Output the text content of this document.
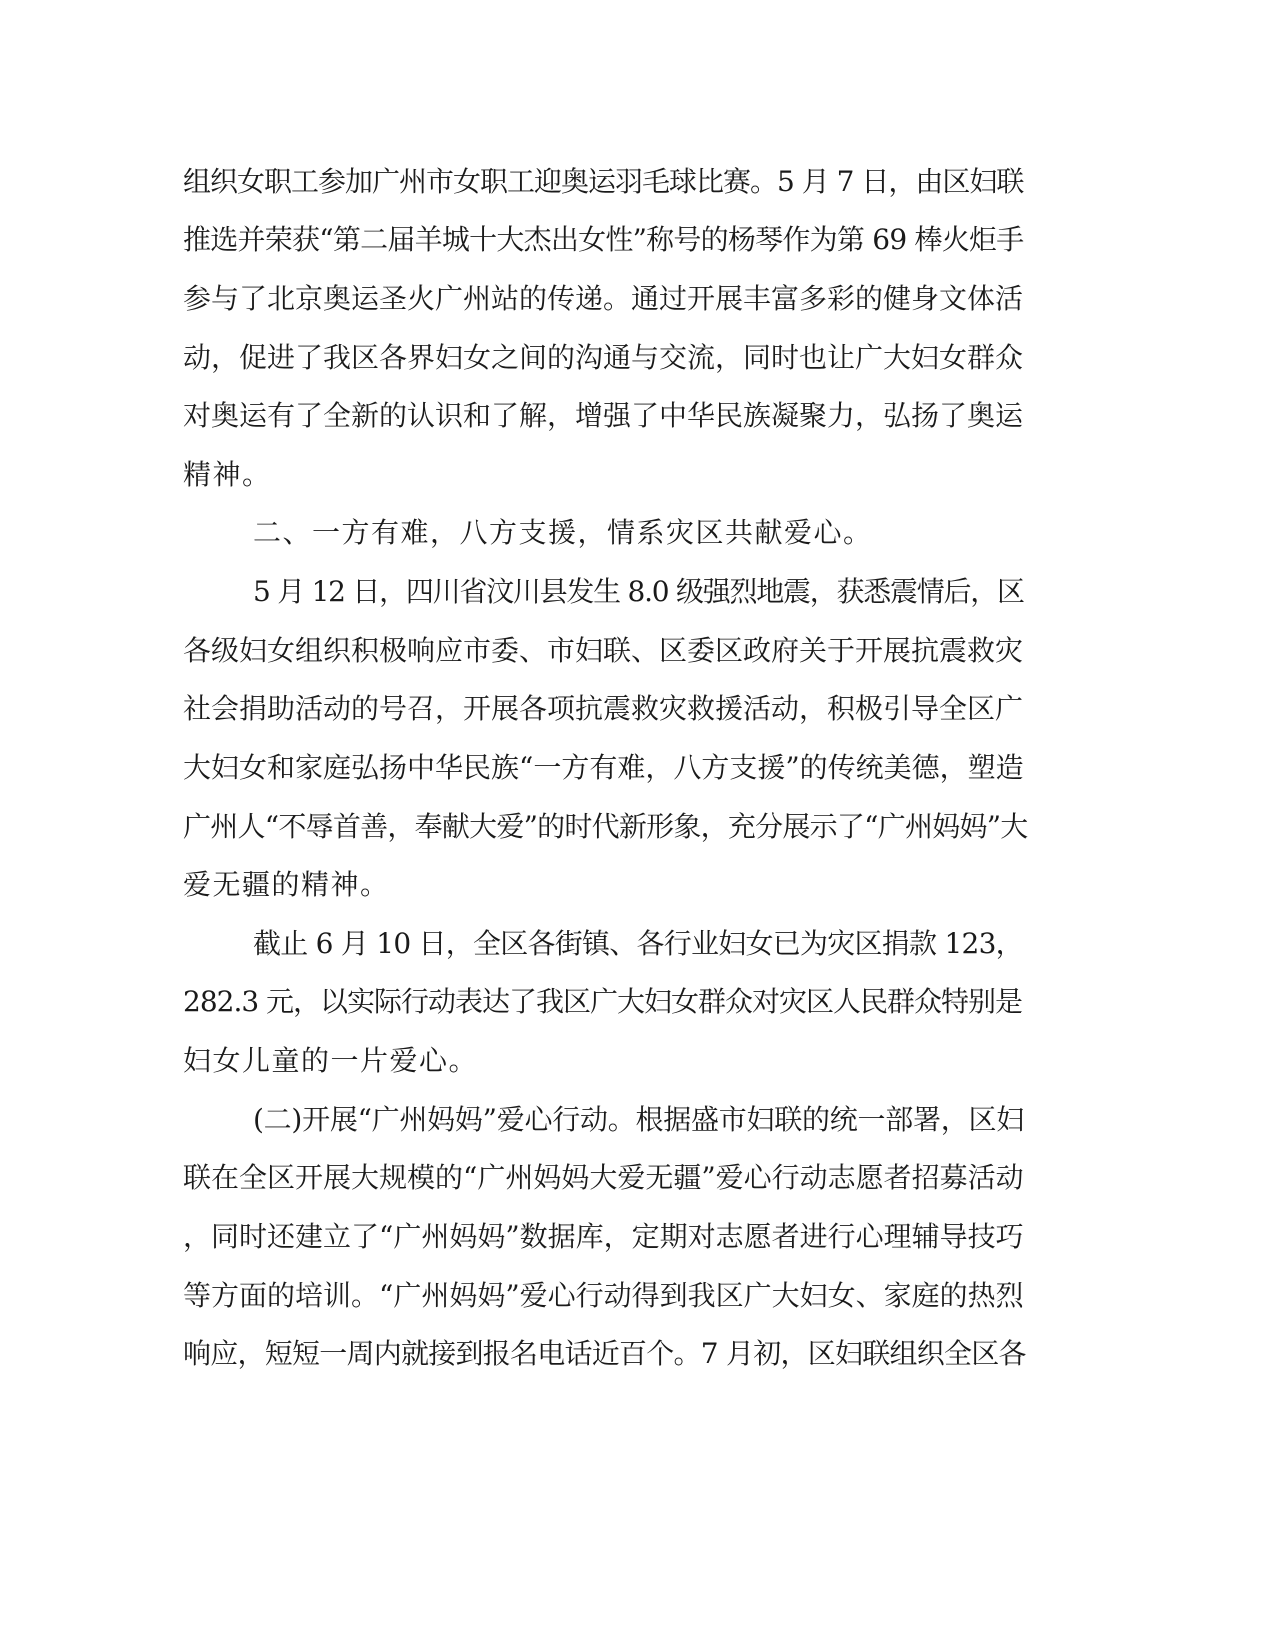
组织女职工参加广州市女职工迎奥运羽毛球比赛。5 月 7 日，由区妇联
推选并荣获“第二届羊城十大杰出女性”称号的杨琴作为第 69 棒火炬手
参与了北京奥运圣火广州站的传递。通过开展丰富多彩的健身文体活
动，促进了我区各界妇女之间的沟通与交流，同时也让广大妇女群众
对奥运有了全新的认识和了解，增强了中华民族凝聚力，弘扬了奥运
精神。
二、一方有难，八方支援，情系灾区共献爱心。
5 月 12 日，四川省汶川县发生 8.0 级强烈地震，获悉震情后，区
各级妇女组织积极响应市委、市妇联、区委区政府关于开展抗震救灾
社会捐助活动的号召，开展各项抗震救灾救援活动，积极引导全区广
大妇女和家庭弘扬中华民族“一方有难，八方支援”的传统美德，塑造
广州人“不辱首善，奉献大爱”的时代新形象，充分展示了“广州妈妈”大
爱无疆的精神。
截止 6 月 10 日，全区各街镇、各行业妇女已为灾区捐款 123，
282.3 元，以实际行动表达了我区广大妇女群众对灾区人民群众特别是
妇女儿童的一片爱心。
(二)开展“广州妈妈”爱心行动。根据盛市妇联的统一部署，区妇
联在全区开展大规模的“广州妈妈大爱无疆”爱心行动志愿者招募活动
，同时还建立了“广州妈妈”数据库，定期对志愿者进行心理辅导技巧
等方面的培训。“广州妈妈”爱心行动得到我区广大妇女、家庭的热烈
响应，短短一周内就接到报名电话近百个。7 月初，区妇联组织全区各
